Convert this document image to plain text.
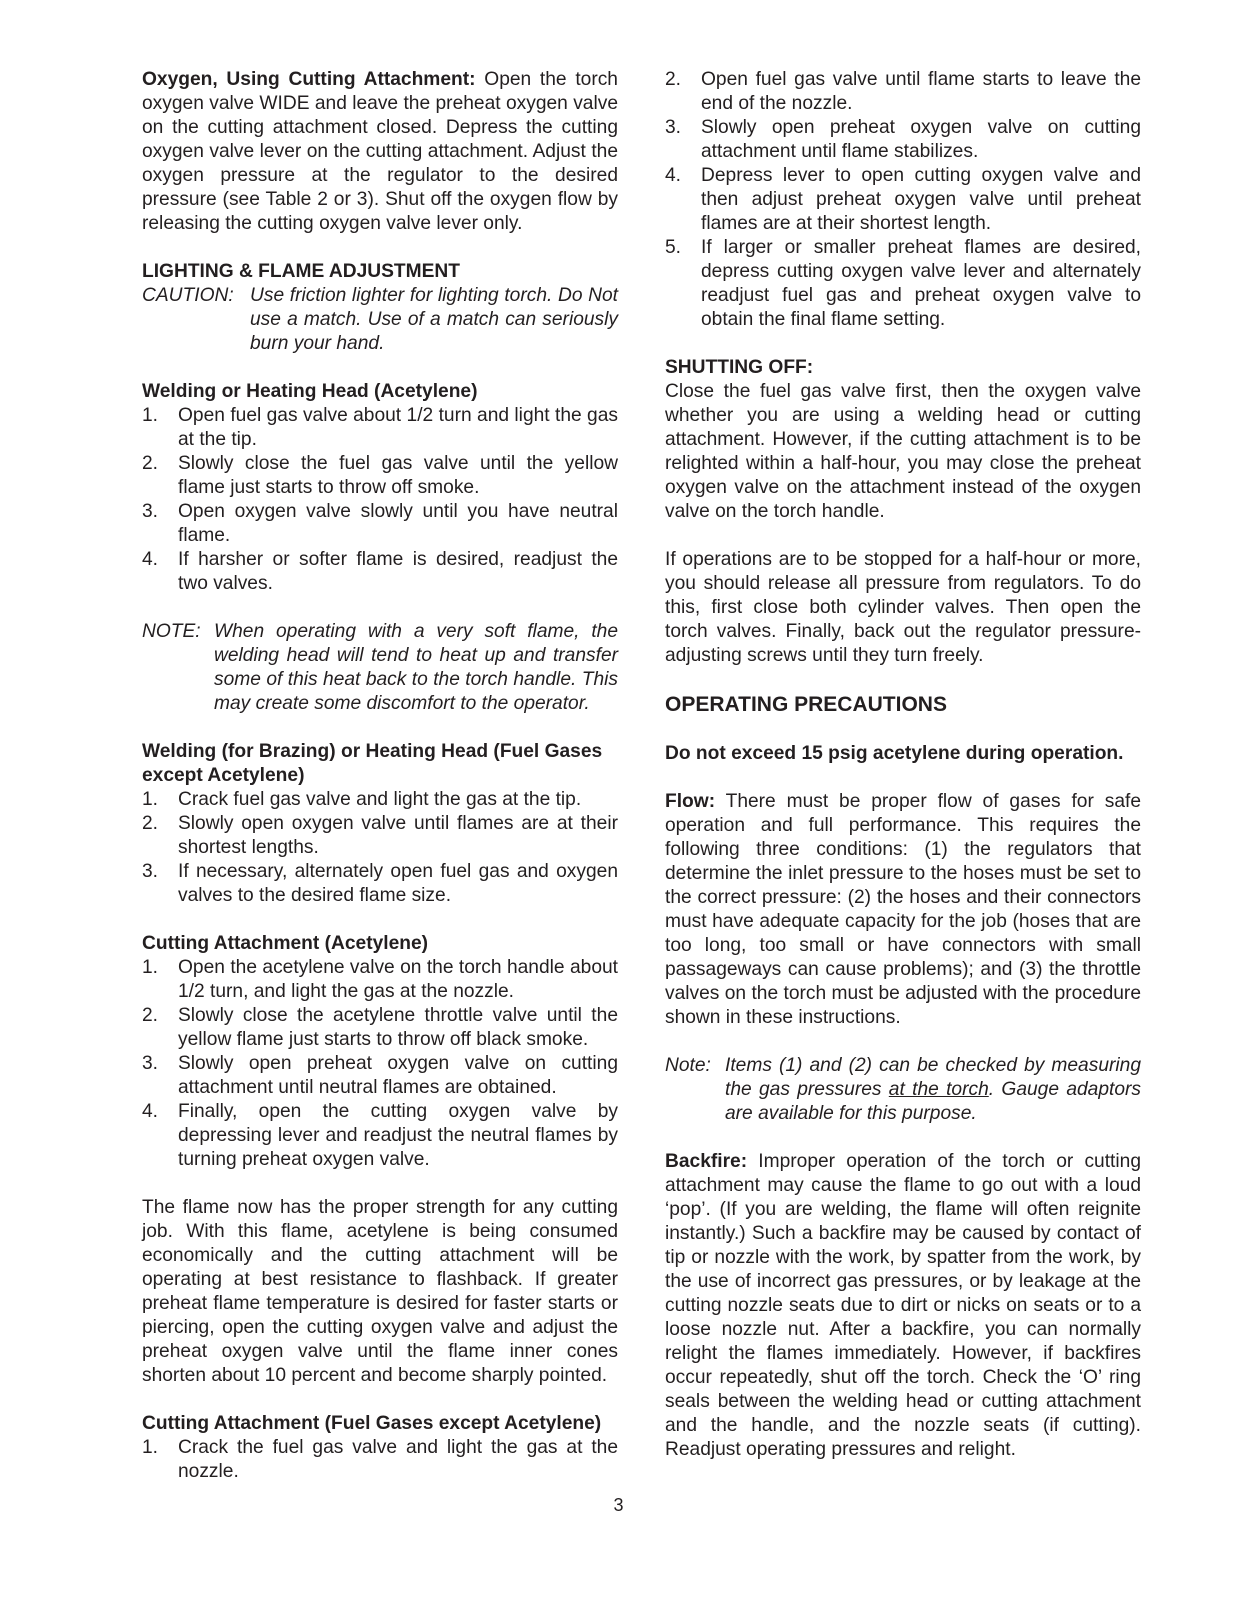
Oxygen, Using Cutting Attachment: Open the torch oxygen valve WIDE and leave the preheat oxygen valve on the cutting attachment closed. Depress the cutting oxygen valve lever on the cutting attachment. Adjust the oxygen pressure at the regulator to the desired pressure (see Table 2 or 3). Shut off the oxygen flow by releasing the cutting oxygen valve lever only.

LIGHTING & FLAME ADJUSTMENT
CAUTION: Use friction lighter for lighting torch. Do Not use a match. Use of a match can seriously burn your hand.
Welding or Heating Head (Acetylene)
1.	Open fuel gas valve about 1/2 turn and light the gas at the tip.
2.	Slowly close the fuel gas valve until the yellow flame just starts to throw off smoke.
3.	Open oxygen valve slowly until you have neutral flame.
4.	If harsher or softer flame is desired, readjust the two valves.
NOTE: When operating with a very soft flame, the welding head will tend to heat up and transfer some of this heat back to the torch handle. This may create some discomfort to the operator.
Welding (for Brazing) or Heating Head (Fuel Gases except Acetylene)
1.	Crack fuel gas valve and light the gas at the tip.
2.	Slowly open oxygen valve until flames are at their shortest lengths.
3.	If necessary, alternately open fuel gas and oxygen valves to the desired flame size.
Cutting Attachment (Acetylene)
1.	Open the acetylene valve on the torch handle about 1/2 turn, and light the gas at the nozzle.
2.	Slowly close the acetylene throttle valve until the yellow flame just starts to throw off black smoke.
3.	Slowly open preheat oxygen valve on cutting attachment until neutral flames are obtained.
4.	Finally, open the cutting oxygen valve by depressing lever and readjust the neutral flames by turning preheat oxygen valve.

The flame now has the proper strength for any cutting job. With this flame, acetylene is being consumed economically and the cutting attachment will be operating at best resistance to flashback. If greater preheat flame temperature is desired for faster starts or piercing, open the cutting oxygen valve and adjust the preheat oxygen valve until the flame inner cones shorten about 10 percent and become sharply pointed.

Cutting Attachment (Fuel Gases except Acetylene)
1.	Crack the fuel gas valve and light the gas at the nozzle.
2.	Open fuel gas valve until flame starts to leave the end of the nozzle.
3.	Slowly open preheat oxygen valve on cutting attachment until flame stabilizes.
4.	Depress lever to open cutting oxygen valve and then adjust preheat oxygen valve until preheat flames are at their shortest length.
5.	If larger or smaller preheat flames are desired, depress cutting oxygen valve lever and alternately readjust fuel gas and preheat oxygen valve to obtain the final flame setting.
SHUTTING OFF:

Close the fuel gas valve first, then the oxygen valve whether you are using a welding head or cutting attachment. However, if the cutting attachment is to be relighted within a half-hour, you may close the preheat oxygen valve on the attachment instead of the oxygen valve on the torch handle.

If operations are to be stopped for a half-hour or more, you should release all pressure from regulators. To do this, first close both cylinder valves. Then open the torch valves. Finally, back out the regulator pressure-adjusting screws until they turn freely.

OPERATING PRECAUTIONS

Do not exceed 15 psig acetylene during operation.

Flow: There must be proper flow of gases for safe operation and full performance. This requires the following three conditions: (1) the regulators that determine the inlet pressure to the hoses must be set to the correct pressure: (2) the hoses and their connectors must have adequate capacity for the job (hoses that are too long, too small or have connectors with small passageways can cause problems); and (3) the throttle valves on the torch must be adjusted with the procedure shown in these instructions.

Note: Items (1) and (2) can be checked by measuring the gas pressures at the torch. Gauge adaptors are available for this purpose.

Backfire: Improper operation of the torch or cutting attachment may cause the flame to go out with a loud ‘pop’. (If you are welding, the flame will often reignite instantly.) Such a backfire may be caused by contact of tip or nozzle with the work, by spatter from the work, by the use of incorrect gas pressures, or by leakage at the cutting nozzle seats due to dirt or nicks on seats or to a loose nozzle nut. After a backfire, you can normally relight the flames immediately. However, if backfires occur repeatedly, shut off the torch. Check the ‘O’ ring seals between the welding head or cutting attachment and the handle, and the nozzle seats (if cutting). Readjust operating pressures and relight.

3
